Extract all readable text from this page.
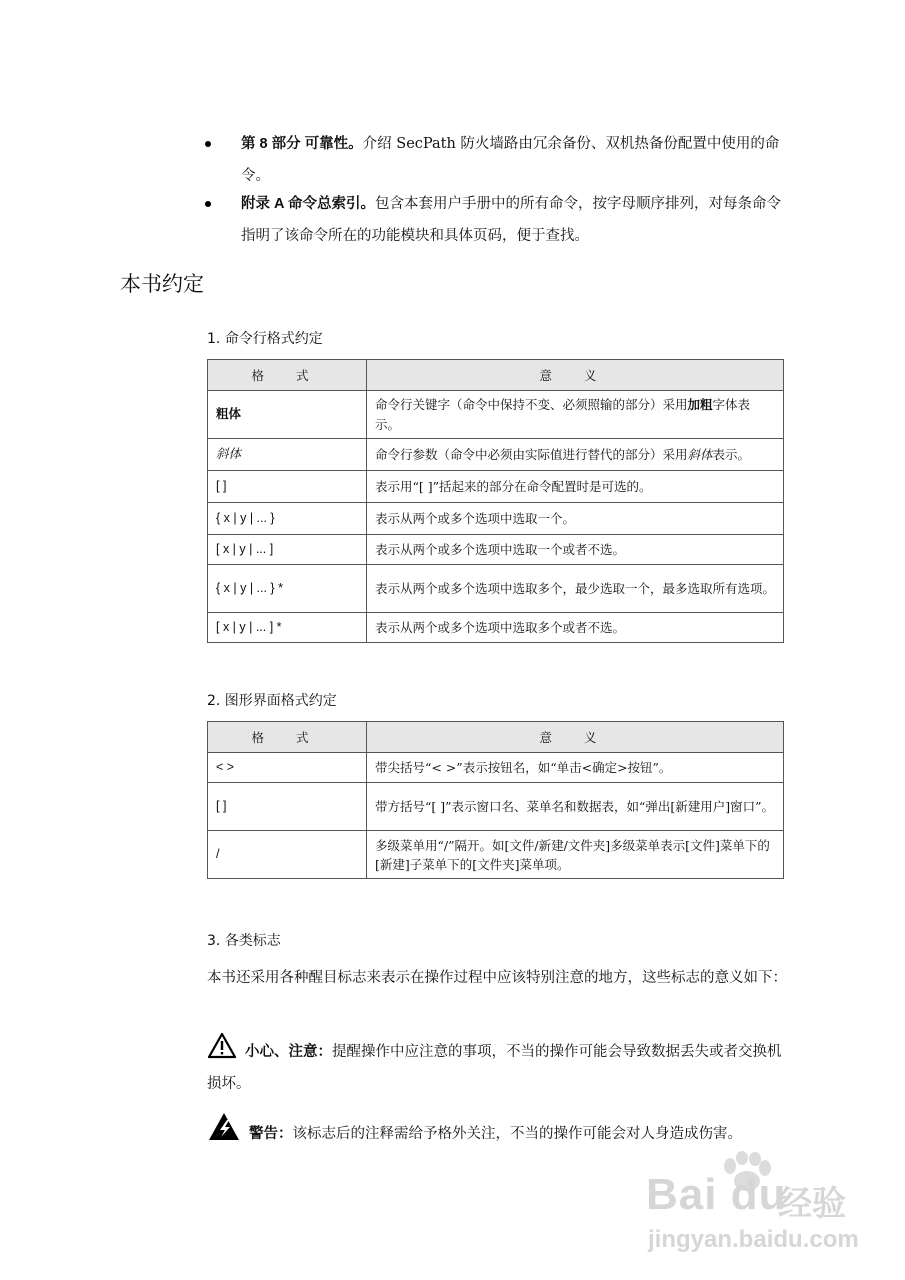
第 8 部分 可靠性。介绍 SecPath 防火墙路由冗余备份、双机热备份配置中使用的命令。
附录 A 命令总索引。包含本套用户手册中的所有命令，按字母顺序排列，对每条命令指明了该命令所在的功能模块和具体页码，便于查找。
本书约定
1. 命令行格式约定
格 式	意 义
粗体	命令行关键字（命令中保持不变、必须照输的部分）采用加粗字体表示。
斜体	命令行参数（命令中必须由实际值进行替代的部分）采用斜体表示。
[ ]	表示用“[ ]”括起来的部分在命令配置时是可选的。
{ x | y | ... }	表示从两个或多个选项中选取一个。
[ x | y | ... ]	表示从两个或多个选项中选取一个或者不选。
{ x | y | ... } *	表示从两个或多个选项中选取多个，最少选取一个，最多选取所有选项。
[ x | y | ... ] *	表示从两个或多个选项中选取多个或者不选。
2. 图形界面格式约定
格 式	意 义
< >	带尖括号“< >”表示按钮名，如“单击<确定>按钮”。
[ ]	带方括号“[ ]”表示窗口名、菜单名和数据表，如“弹出[新建用户]窗口”。
/	多级菜单用“/”隔开。如[文件/新建/文件夹]多级菜单表示[文件]菜单下的[新建]子菜单下的[文件夹]菜单项。
3. 各类标志
本书还采用各种醒目标志来表示在操作过程中应该特别注意的地方，这些标志的意义如下：
小心、注意：提醒操作中应注意的事项，不当的操作可能会导致数据丢失或者交换机损坏。
警告：该标志后的注释需给予格外关注，不当的操作可能会对人身造成伤害。
Bai du
经验
jingyan.baidu.com
